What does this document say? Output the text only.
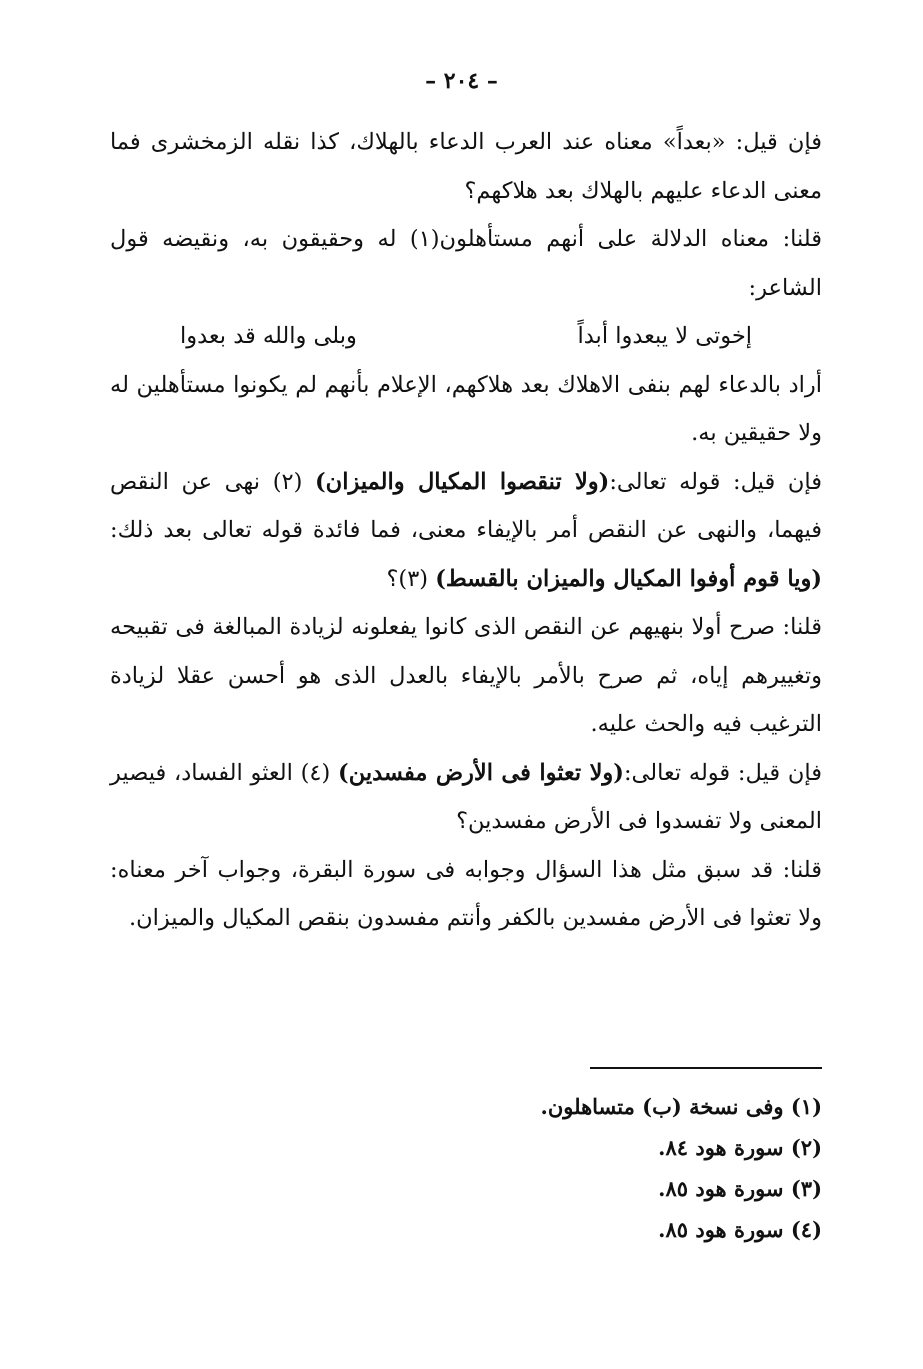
– ٢٠٤ –

فإن قيل: «بعداً» معناه عند العرب الدعاء بالهلاك، كذا نقله الزمخشرى فما معنى الدعاء عليهم بالهلاك بعد هلاكهم؟

قلنا: معناه الدلالة على أنهم مستأهلون(١) له وحقيقون به، ونقيضه قول الشاعر:

إخوتى لا يبعدوا أبداً
وبلى والله قد بعدوا

أراد بالدعاء لهم بنفى الاهلاك بعد هلاكهم، الإعلام بأنهم لم يكونوا مستأهلين له ولا حقيقين به.

فإن قيل: قوله تعالى:(ولا تنقصوا المكيال والميزان) (٢) نهى عن النقص فيهما، والنهى عن النقص أمر بالإيفاء معنى، فما فائدة قوله تعالى بعد ذلك:(ويا قوم أوفوا المكيال والميزان بالقسط) (٣)؟

قلنا: صرح أولا بنهيهم عن النقص الذى كانوا يفعلونه لزيادة المبالغة فى تقبيحه وتغييرهم إياه، ثم صرح بالأمر بالإيفاء بالعدل الذى هو أحسن عقلا لزيادة الترغيب فيه والحث عليه.

فإن قيل: قوله تعالى:(ولا تعثوا فى الأرض مفسدين) (٤) العثو الفساد، فيصير المعنى ولا تفسدوا فى الأرض مفسدين؟

قلنا: قد سبق مثل هذا السؤال وجوابه فى سورة البقرة، وجواب آخر معناه: ولا تعثوا فى الأرض مفسدين بالكفر وأنتم مفسدون بنقص المكيال والميزان.

(١) وفى نسخة (ب) متساهلون.
(٢) سورة هود ٨٤.
(٣) سورة هود ٨٥.
(٤) سورة هود ٨٥.
